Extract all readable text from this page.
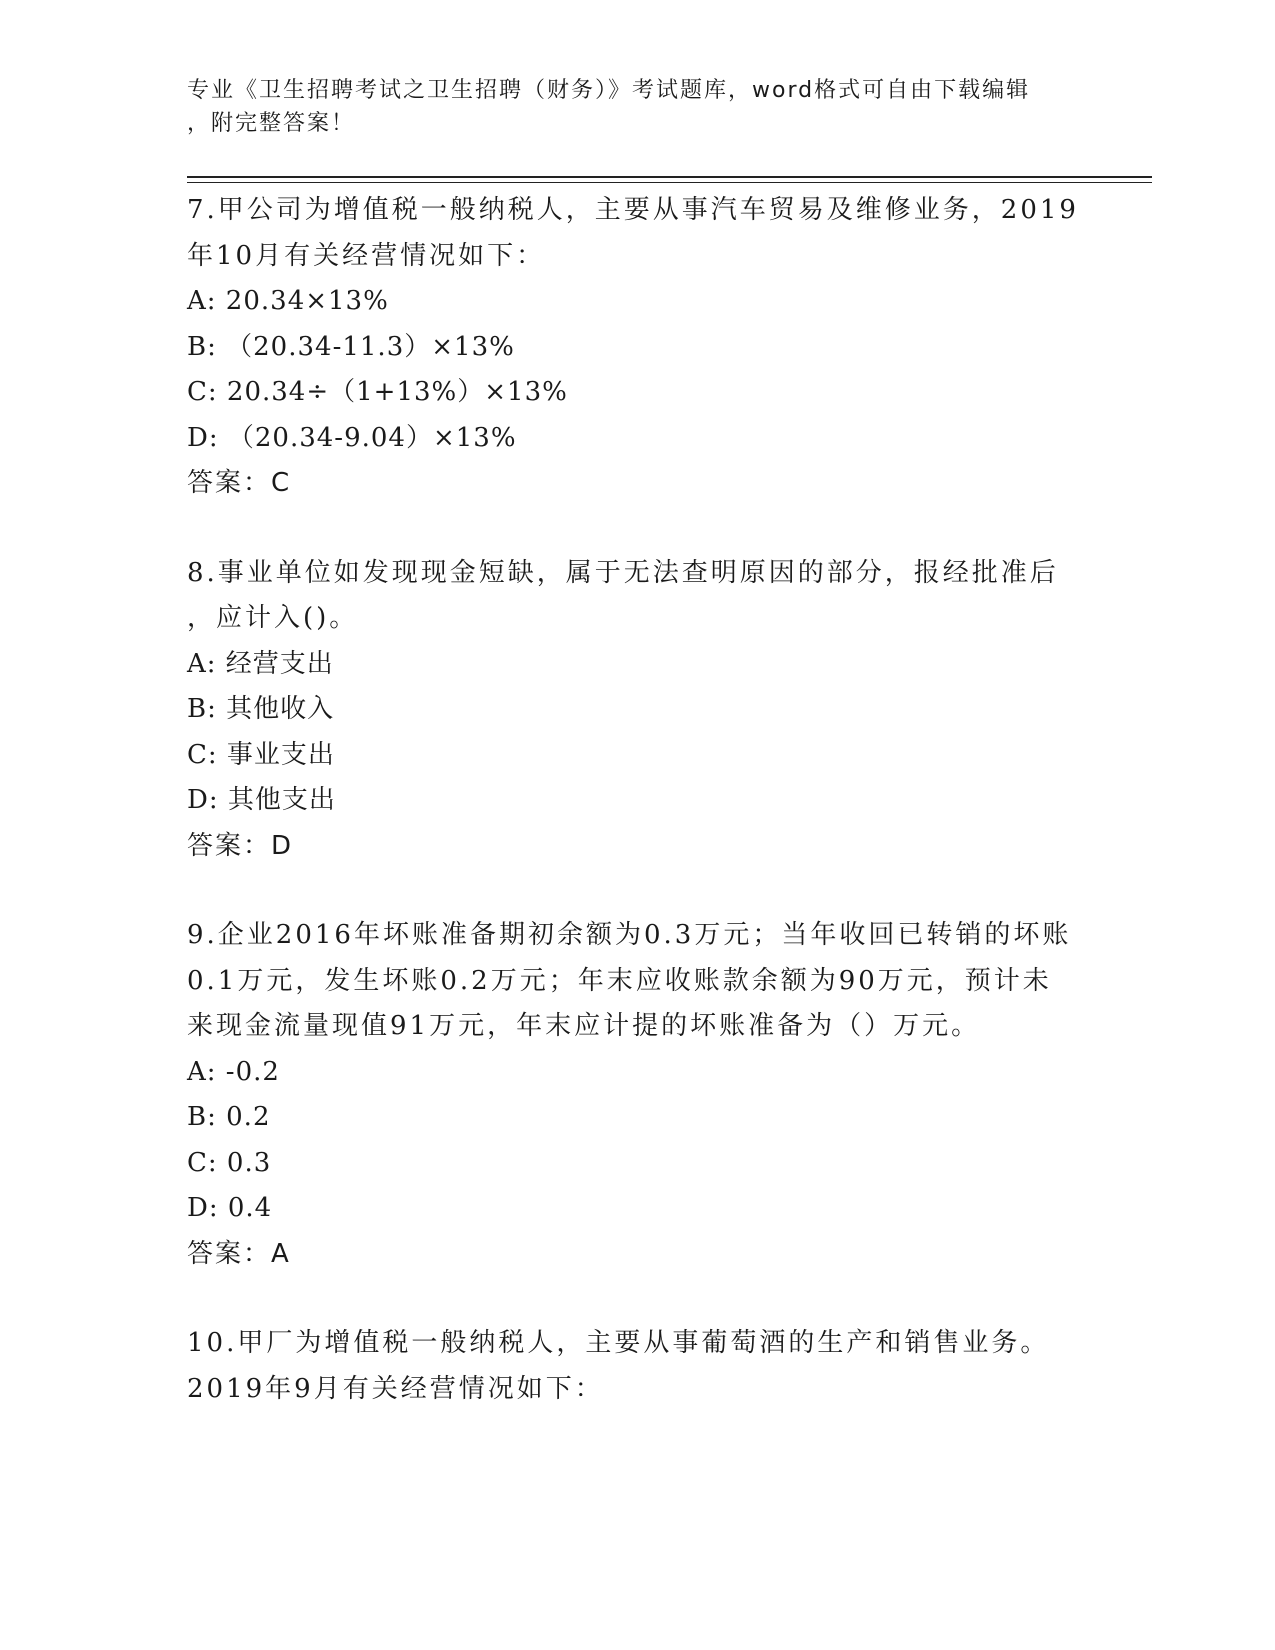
专业《卫生招聘考试之卫生招聘（财务）》考试题库，word格式可自由下载编辑
，附完整答案！
7.甲公司为增值税一般纳税人，主要从事汽车贸易及维修业务，2019
年10月有关经营情况如下：
A: 20.34×13%
B: （20.34-11.3）×13%
C: 20.34÷（1+13%）×13%
D: （20.34-9.04）×13%
答案：C
8.事业单位如发现现金短缺，属于无法查明原因的部分，报经批准后
，应计入()。
A: 经营支出
B: 其他收入
C: 事业支出
D: 其他支出
答案：D
9.企业2016年坏账准备期初余额为0.3万元；当年收回已转销的坏账
0.1万元，发生坏账0.2万元；年末应收账款余额为90万元，预计未
来现金流量现值91万元，年末应计提的坏账准备为（）万元。
A: -0.2
B: 0.2
C: 0.3
D: 0.4
答案：A
10.甲厂为增值税一般纳税人，主要从事葡萄酒的生产和销售业务。
2019年9月有关经营情况如下：
